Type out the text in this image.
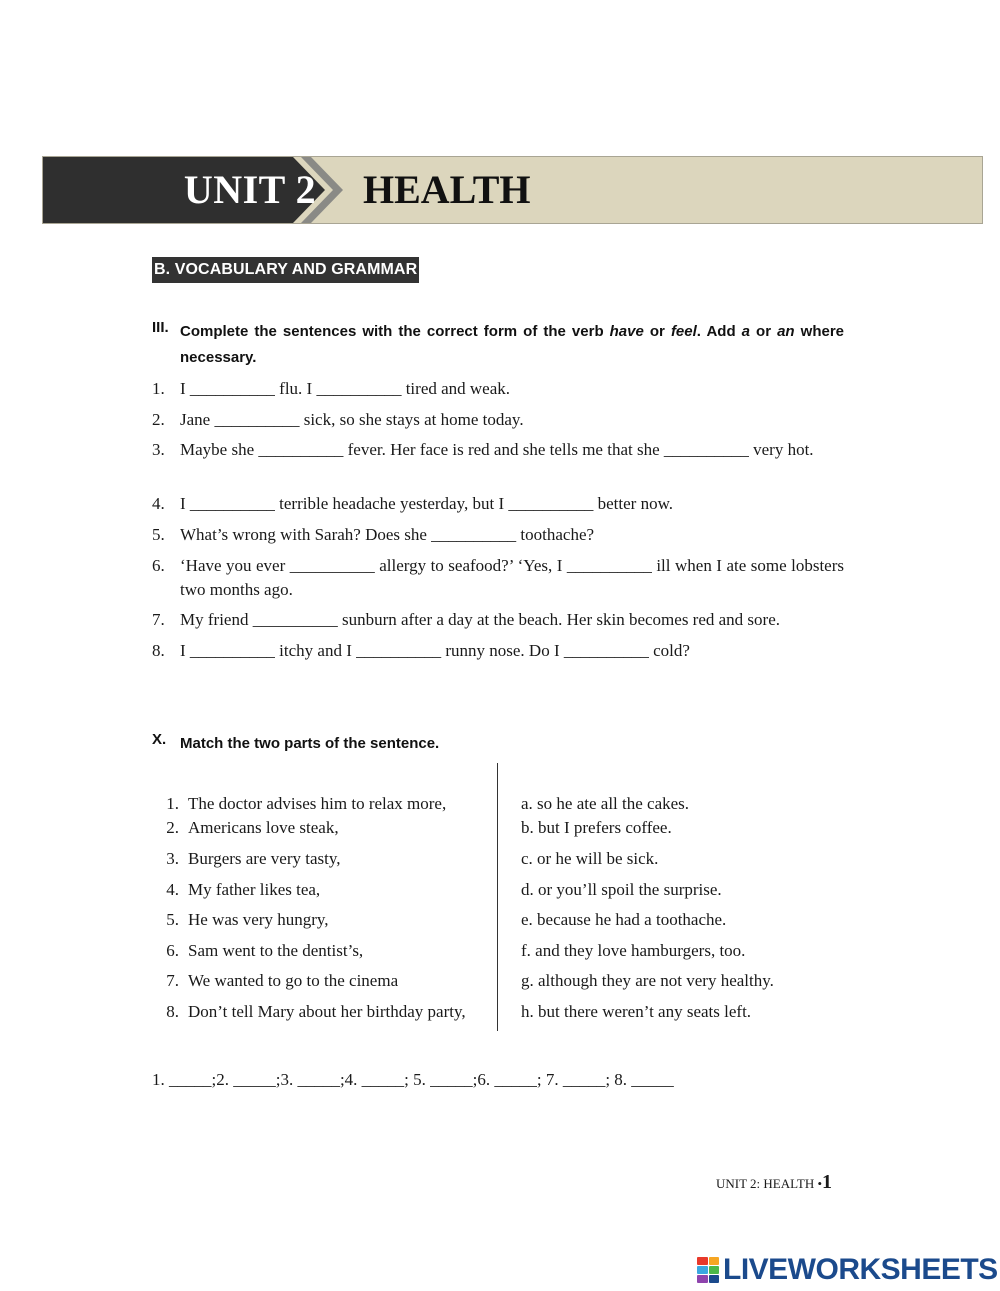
UNIT 2	HEALTH
B. VOCABULARY AND GRAMMAR
III. Complete the sentences with the correct form of the verb have or feel. Add a or an where necessary.
1. I __________ flu. I __________ tired and weak.
2. Jane __________ sick, so she stays at home today.
3. Maybe she __________ fever. Her face is red and she tells me that she __________ very hot.
4. I __________ terrible headache yesterday, but I __________ better now.
5. What’s wrong with Sarah? Does she __________ toothache?
6. ‘Have you ever __________ allergy to seafood?’ ‘Yes, I __________ ill when I ate some lobsters two months ago.
7. My friend __________ sunburn after a day at the beach. Her skin becomes red and sore.
8. I __________ itchy and I __________ runny nose. Do I __________ cold?
X. Match the two parts of the sentence.
1. The doctor advises him to relax more,
2. Americans love steak,
3. Burgers are very tasty,
4. My father likes tea,
5. He was very hungry,
6. Sam went to the dentist’s,
7. We wanted to go to the cinema
8. Don’t tell Mary about her birthday party,
a. so he ate all the cakes.
b. but I prefers coffee.
c. or he will be sick.
d. or you’ll spoil the surprise.
e. because he had a toothache.
f. and they love hamburgers, too.
g. although they are not very healthy.
h. but there weren’t any seats left.
1. _____;2. _____;3. _____;4. _____; 5. _____;6. _____; 7. _____; 8. _____
UNIT 2: HEALTH •1
LIVEWORKSHEETS
